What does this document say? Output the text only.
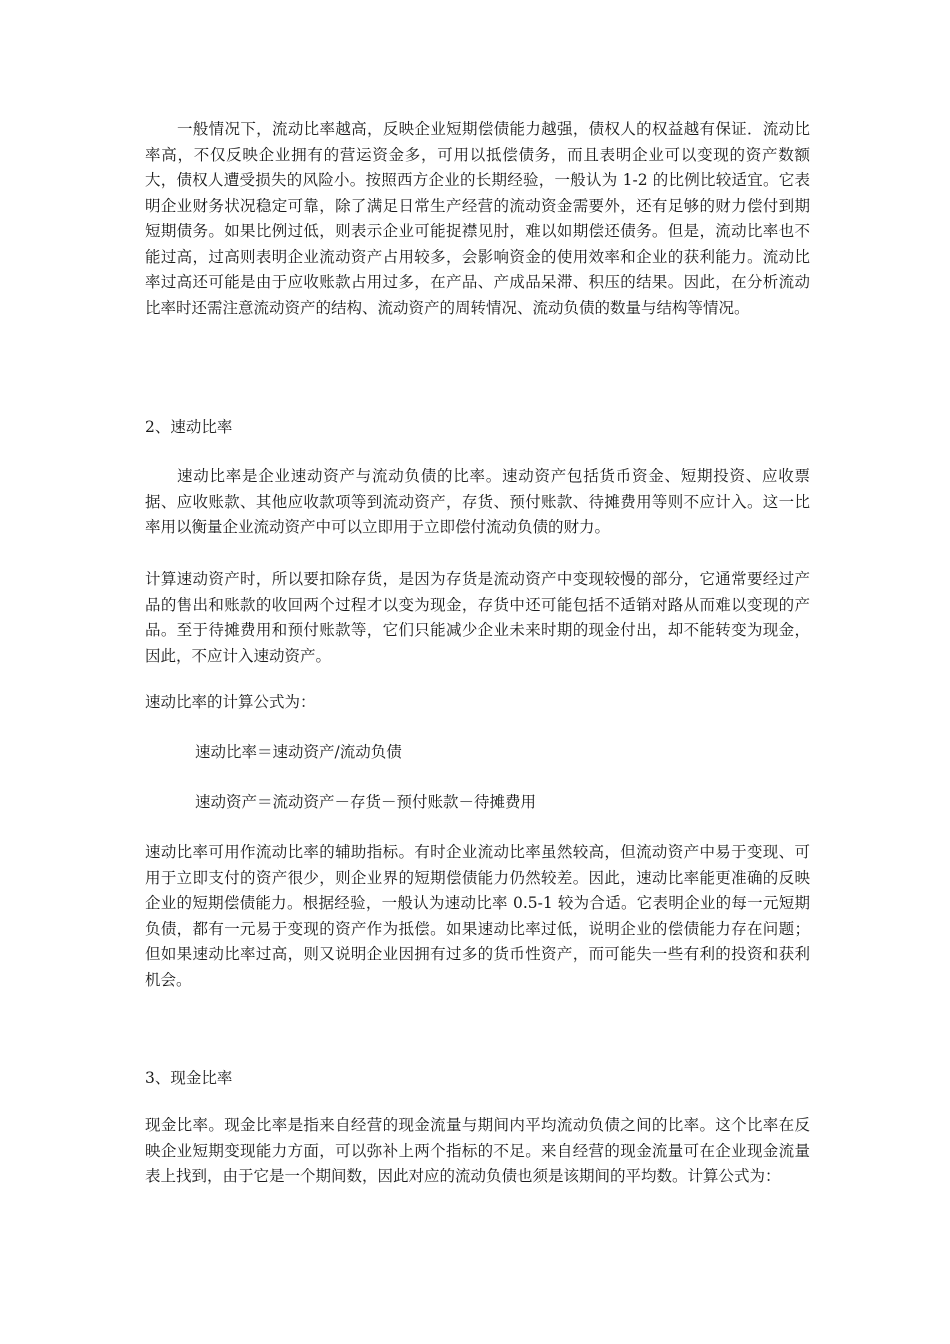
一般情况下，流动比率越高，反映企业短期偿债能力越强，债权人的权益越有保证．流动比率高，不仅反映企业拥有的营运资金多，可用以抵偿债务，而且表明企业可以变现的资产数额大，债权人遭受损失的风险小。按照西方企业的长期经验，一般认为 1-2 的比例比较适宜。它表明企业财务状况稳定可靠，除了满足日常生产经营的流动资金需要外，还有足够的财力偿付到期短期债务。如果比例过低，则表示企业可能捉襟见肘，难以如期偿还债务。但是，流动比率也不能过高，过高则表明企业流动资产占用较多，会影响资金的使用效率和企业的获利能力。流动比率过高还可能是由于应收账款占用过多，在产品、产成品呆滞、积压的结果。因此，在分析流动比率时还需注意流动资产的结构、流动资产的周转情况、流动负债的数量与结构等情况。

2、速动比率

速动比率是企业速动资产与流动负债的比率。速动资产包括货币资金、短期投资、应收票据、应收账款、其他应收款项等到流动资产，存货、预付账款、待摊费用等则不应计入。这一比率用以衡量企业流动资产中可以立即用于立即偿付流动负债的财力。

计算速动资产时，所以要扣除存货，是因为存货是流动资产中变现较慢的部分，它通常要经过产品的售出和账款的收回两个过程才以变为现金，存货中还可能包括不适销对路从而难以变现的产品。至于待摊费用和预付账款等，它们只能减少企业未来时期的现金付出，却不能转变为现金，因此，不应计入速动资产。

速动比率的计算公式为：

速动比率＝速动资产/流动负债

速动资产＝流动资产－存货－预付账款－待摊费用

速动比率可用作流动比率的辅助指标。有时企业流动比率虽然较高，但流动资产中易于变现、可用于立即支付的资产很少，则企业界的短期偿债能力仍然较差。因此，速动比率能更准确的反映企业的短期偿债能力。根据经验，一般认为速动比率 0.5-1 较为合适。它表明企业的每一元短期负债，都有一元易于变现的资产作为抵偿。如果速动比率过低，说明企业的偿债能力存在问题；但如果速动比率过高，则又说明企业因拥有过多的货币性资产，而可能失一些有利的投资和获利机会。

3、现金比率

现金比率。现金比率是指来自经营的现金流量与期间内平均流动负债之间的比率。这个比率在反映企业短期变现能力方面，可以弥补上两个指标的不足。来自经营的现金流量可在企业现金流量表上找到，由于它是一个期间数，因此对应的流动负债也须是该期间的平均数。计算公式为：
